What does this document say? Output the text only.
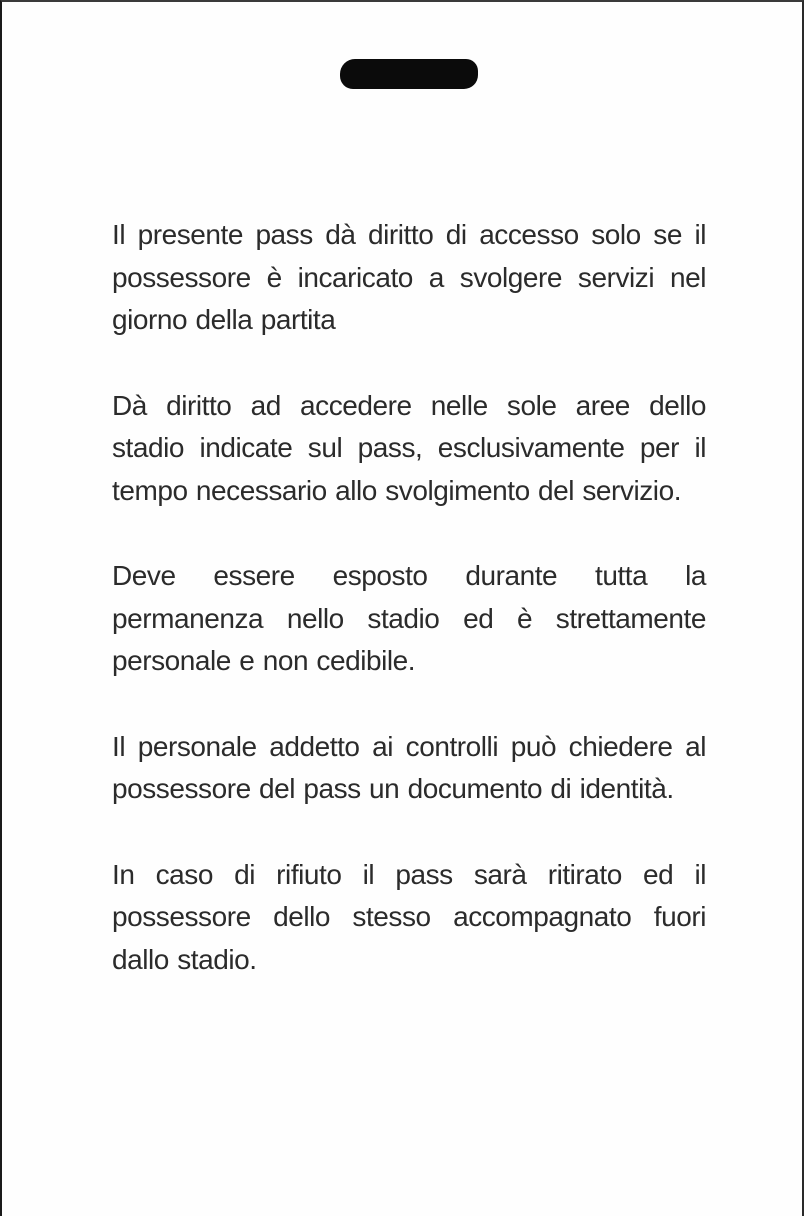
Il presente pass dà diritto di accesso solo se il possessore è incaricato a svolgere servizi nel giorno della partita

Dà diritto ad accedere nelle sole aree dello stadio indicate sul pass, esclusivamente per il tempo necessario allo svolgimento del servizio.

Deve essere esposto durante tutta la permanenza nello stadio ed è strettamente personale e non cedibile.

Il personale addetto ai controlli può chiedere al possessore del pass un documento di identità.

In caso di rifiuto il pass sarà ritirato ed il possessore dello stesso accompagnato fuori dallo stadio.
